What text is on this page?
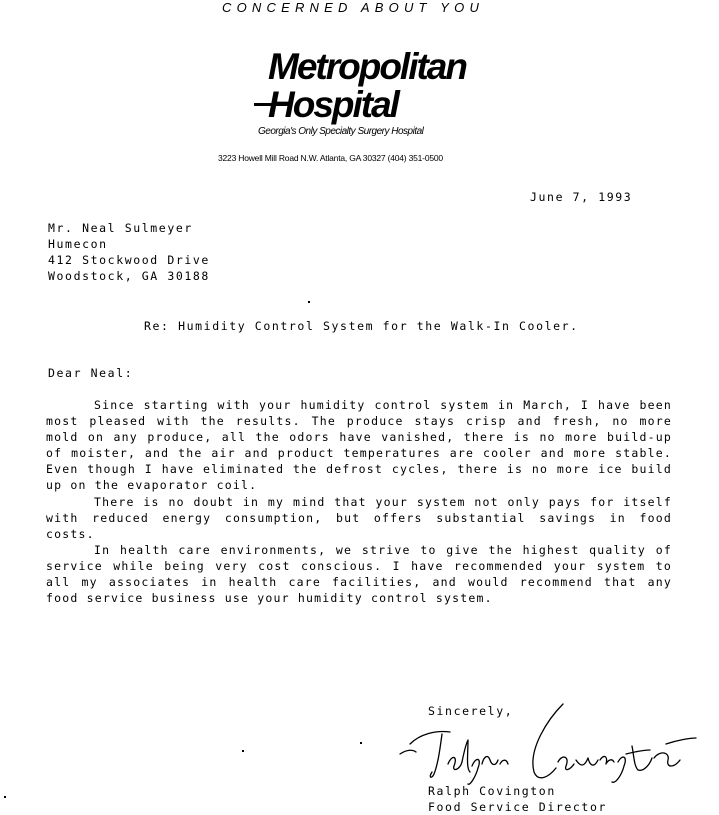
CONCERNED ABOUT YOU
Metropolitan
Hospital
Georgia's Only Specialty Surgery Hospital
3223 Howell Mill Road N.W. Atlanta, GA 30327 (404) 351-0500
June 7, 1993
Mr. Neal Sulmeyer
Humecon
412 Stockwood Drive
Woodstock, GA 30188
Re: Humidity Control System for the Walk-In Cooler.
Dear Neal:

Since starting with your humidity control system in March, I have been most pleased with the results. The produce stays crisp and fresh, no more mold on any produce, all the odors have vanished, there is no more build-up of moister, and the air and product temperatures are cooler and more stable. Even though I have eliminated the defrost cycles, there is no more ice build up on the evaporator coil.

There is no doubt in my mind that your system not only pays for itself with reduced energy consumption, but offers substantial savings in food costs.

In health care environments, we strive to give the highest quality of service while being very cost conscious. I have recommended your system to all my associates in health care facilities, and would recommend that any food service business use your humidity control system.

Sincerely,
Ralph Covington
Food Service Director
